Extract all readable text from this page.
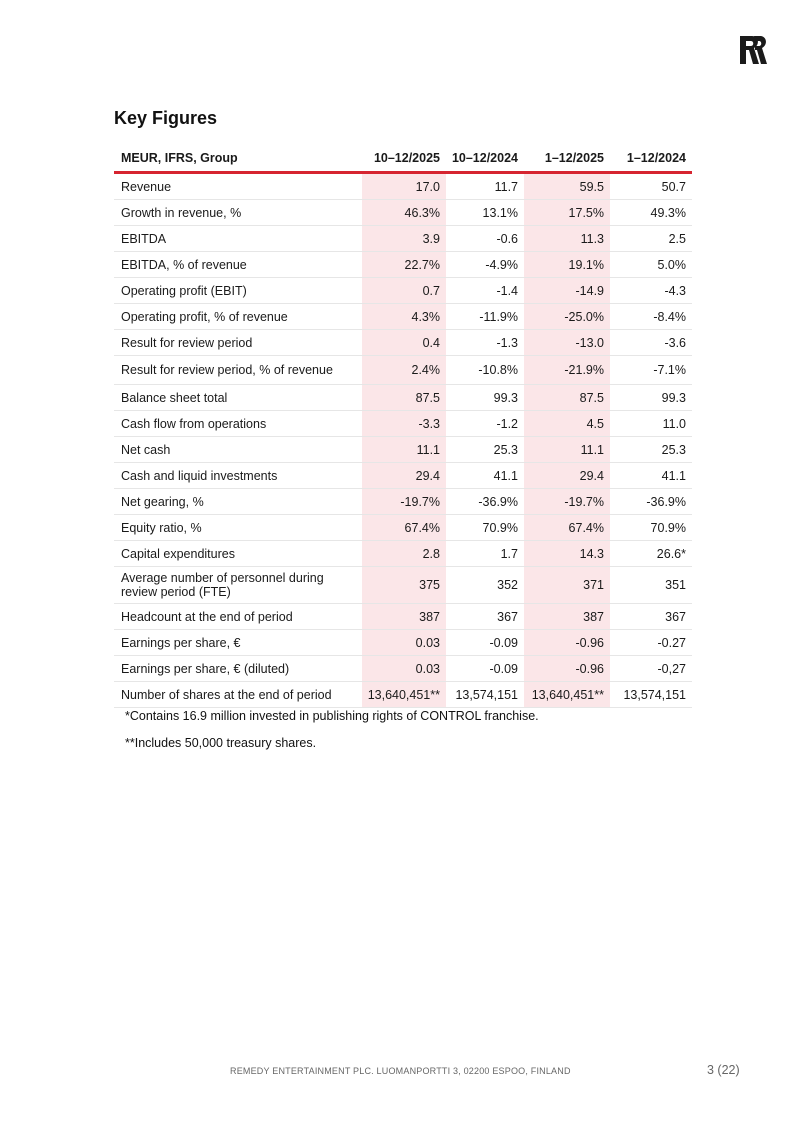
Key Figures
MEUR, IFRS, Group	10–12/2025	10–12/2024	1–12/2025	1–12/2024
Revenue	17.0	11.7	59.5	50.7
Growth in revenue, %	46.3%	13.1%	17.5%	49.3%
EBITDA	3.9	-0.6	11.3	2.5
EBITDA, % of revenue	22.7%	-4.9%	19.1%	5.0%
Operating profit (EBIT)	0.7	-1.4	-14.9	-4.3
Operating profit, % of revenue	4.3%	-11.9%	-25.0%	-8.4%
Result for review period	0.4	-1.3	-13.0	-3.6
Result for review period, % of revenue	2.4%	-10.8%	-21.9%	-7.1%
Balance sheet total	87.5	99.3	87.5	99.3
Cash flow from operations	-3.3	-1.2	4.5	11.0
Net cash	11.1	25.3	11.1	25.3
Cash and liquid investments	29.4	41.1	29.4	41.1
Net gearing, %	-19.7%	-36.9%	-19.7%	-36.9%
Equity ratio, %	67.4%	70.9%	67.4%	70.9%
Capital expenditures	2.8	1.7	14.3	26.6*
Average number of personnel during review period (FTE)	375	352	371	351
Headcount at the end of period	387	367	387	367
Earnings per share, €	0.03	-0.09	-0.96	-0.27
Earnings per share, € (diluted)	0.03	-0.09	-0.96	-0,27
Number of shares at the end of period	13,640,451**	13,574,151	13,640,451**	13,574,151

*Contains 16.9 million invested in publishing rights of CONTROL franchise.

**Includes 50,000 treasury shares.

REMEDY ENTERTAINMENT PLC. LUOMANPORTTI 3, 02200 ESPOO, FINLAND	3 (22)
